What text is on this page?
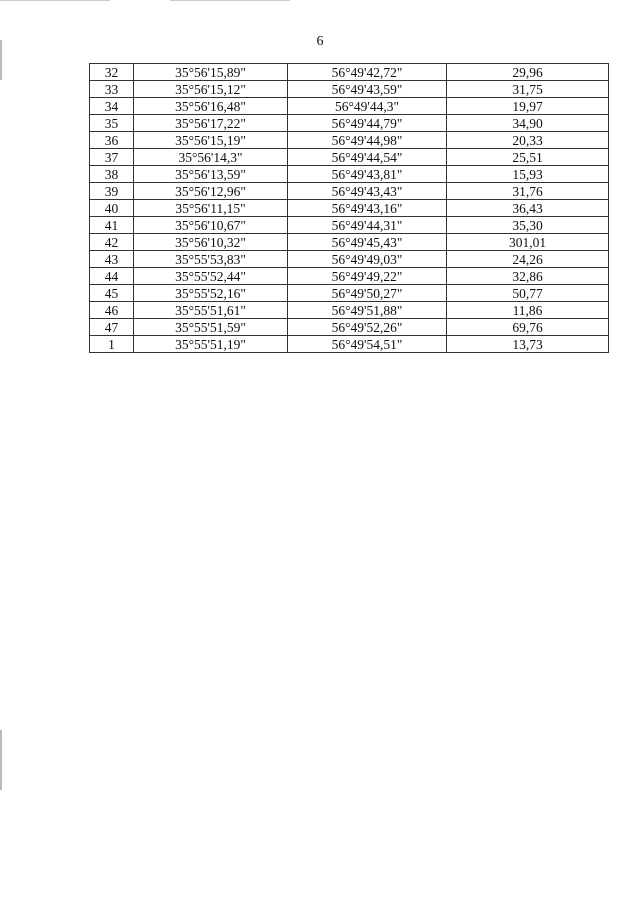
6
32	35°56'15,89"	56°49'42,72"	29,96
33	35°56'15,12"	56°49'43,59"	31,75
34	35°56'16,48"	56°49'44,3"	19,97
35	35°56'17,22"	56°49'44,79"	34,90
36	35°56'15,19"	56°49'44,98"	20,33
37	35°56'14,3"	56°49'44,54"	25,51
38	35°56'13,59"	56°49'43,81"	15,93
39	35°56'12,96"	56°49'43,43"	31,76
40	35°56'11,15"	56°49'43,16"	36,43
41	35°56'10,67"	56°49'44,31"	35,30
42	35°56'10,32"	56°49'45,43"	301,01
43	35°55'53,83"	56°49'49,03"	24,26
44	35°55'52,44"	56°49'49,22"	32,86
45	35°55'52,16"	56°49'50,27"	50,77
46	35°55'51,61"	56°49'51,88"	11,86
47	35°55'51,59"	56°49'52,26"	69,76
1	35°55'51,19"	56°49'54,51"	13,73
